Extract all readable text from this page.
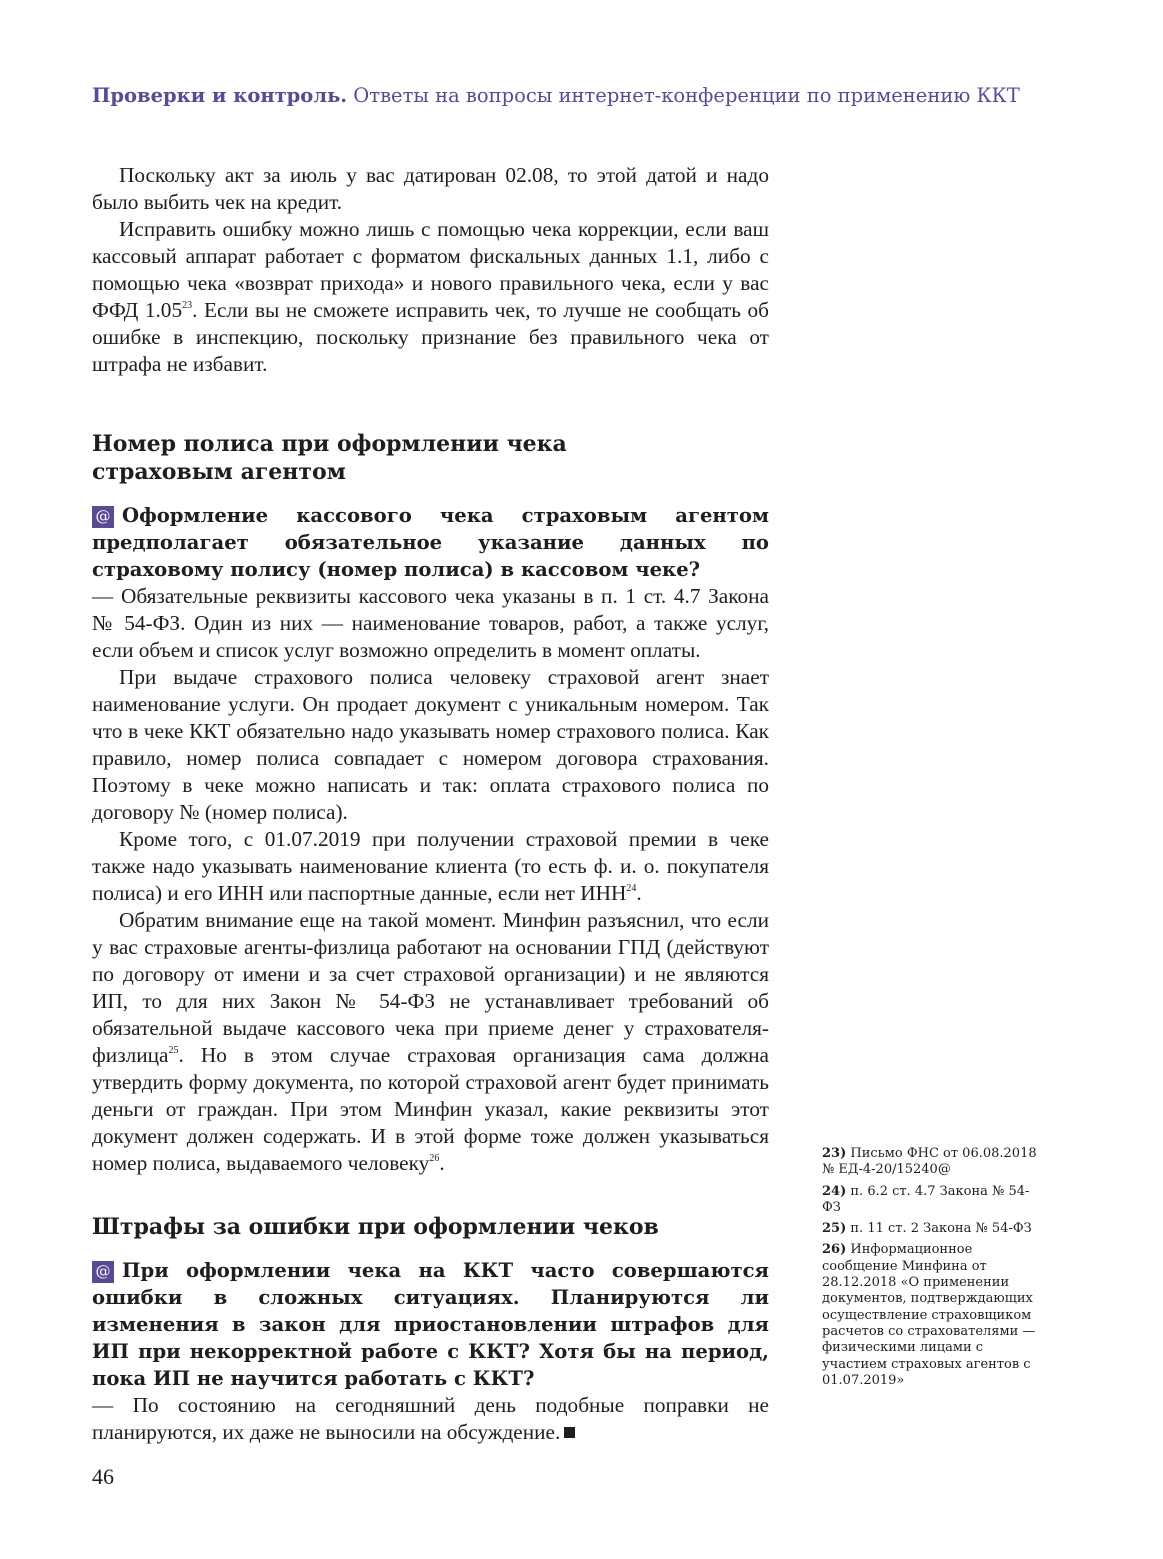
Проверки и контроль. Ответы на вопросы интернет-конференции по применению ККТ

Поскольку акт за июль у вас датирован 02.08, то этой датой и надо было выбить чек на кредит.

Исправить ошибку можно лишь с помощью чека коррекции, если ваш кассовый аппарат работает с форматом фискальных данных 1.1, либо с помощью чека «возврат прихода» и нового правильного чека, если у вас ФФД 1.05$^{23}$. Если вы не сможете исправить чек, то лучше не сообщать об ошибке в инспекцию, поскольку признание без правильного чека от штрафа не избавит.

Номер полиса при оформлении чека
страховым агентом

@ Оформление кассового чека страховым агентом предполагает обязательное указание данных по страховому полису (номер полиса) в кассовом чеке?

— Обязательные реквизиты кассового чека указаны в п. 1 ст. 4.7 Закона № 54-ФЗ. Один из них — наименование товаров, работ, а также услуг, если объем и список услуг возможно определить в момент оплаты.

При выдаче страхового полиса человеку страховой агент знает наименование услуги. Он продает документ с уникальным номером. Так что в чеке ККТ обязательно надо указывать номер страхового полиса. Как правило, номер полиса совпадает с номером договора страхования. Поэтому в чеке можно написать и так: оплата страхового полиса по договору № (номер полиса).

Кроме того, с 01.07.2019 при получении страховой премии в чеке также надо указывать наименование клиента (то есть ф. и. о. покупателя полиса) и его ИНН или паспортные данные, если нет ИНН$^{24}$.

Обратим внимание еще на такой момент. Минфин разъяснил, что если у вас страховые агенты-физлица работают на основании ГПД (действуют по договору от имени и за счет страховой организации) и не являются ИП, то для них Закон № 54-ФЗ не устанавливает требований об обязательной выдаче кассового чека при приеме денег у страхователя-физлица$^{25}$. Но в этом случае страховая организация сама должна утвердить форму документа, по которой страховой агент будет принимать деньги от граждан. При этом Минфин указал, какие реквизиты этот документ должен содержать. И в этой форме тоже должен указываться номер полиса, выдаваемого человеку$^{26}$.

Штрафы за ошибки при оформлении чеков

@ При оформлении чека на ККТ часто совершаются ошибки в сложных ситуациях. Планируются ли изменения в закон для приостановлении штрафов для ИП при некорректной работе с ККТ? Хотя бы на период, пока ИП не научится работать с ККТ?

— По состоянию на сегодняшний день подобные поправки не планируются, их даже не выносили на обсуждение.

23) Письмо ФНС от 06.08.2018 № ЕД-4-20/15240@
24) п. 6.2 ст. 4.7 Закона № 54-ФЗ
25) п. 11 ст. 2 Закона № 54-ФЗ
26) Информационное сообщение Минфина от 28.12.2018 «О применении документов, подтверждающих осуществление страховщиком расчетов со страхователями — физическими лицами с участием страховых агентов с 01.07.2019»
46
